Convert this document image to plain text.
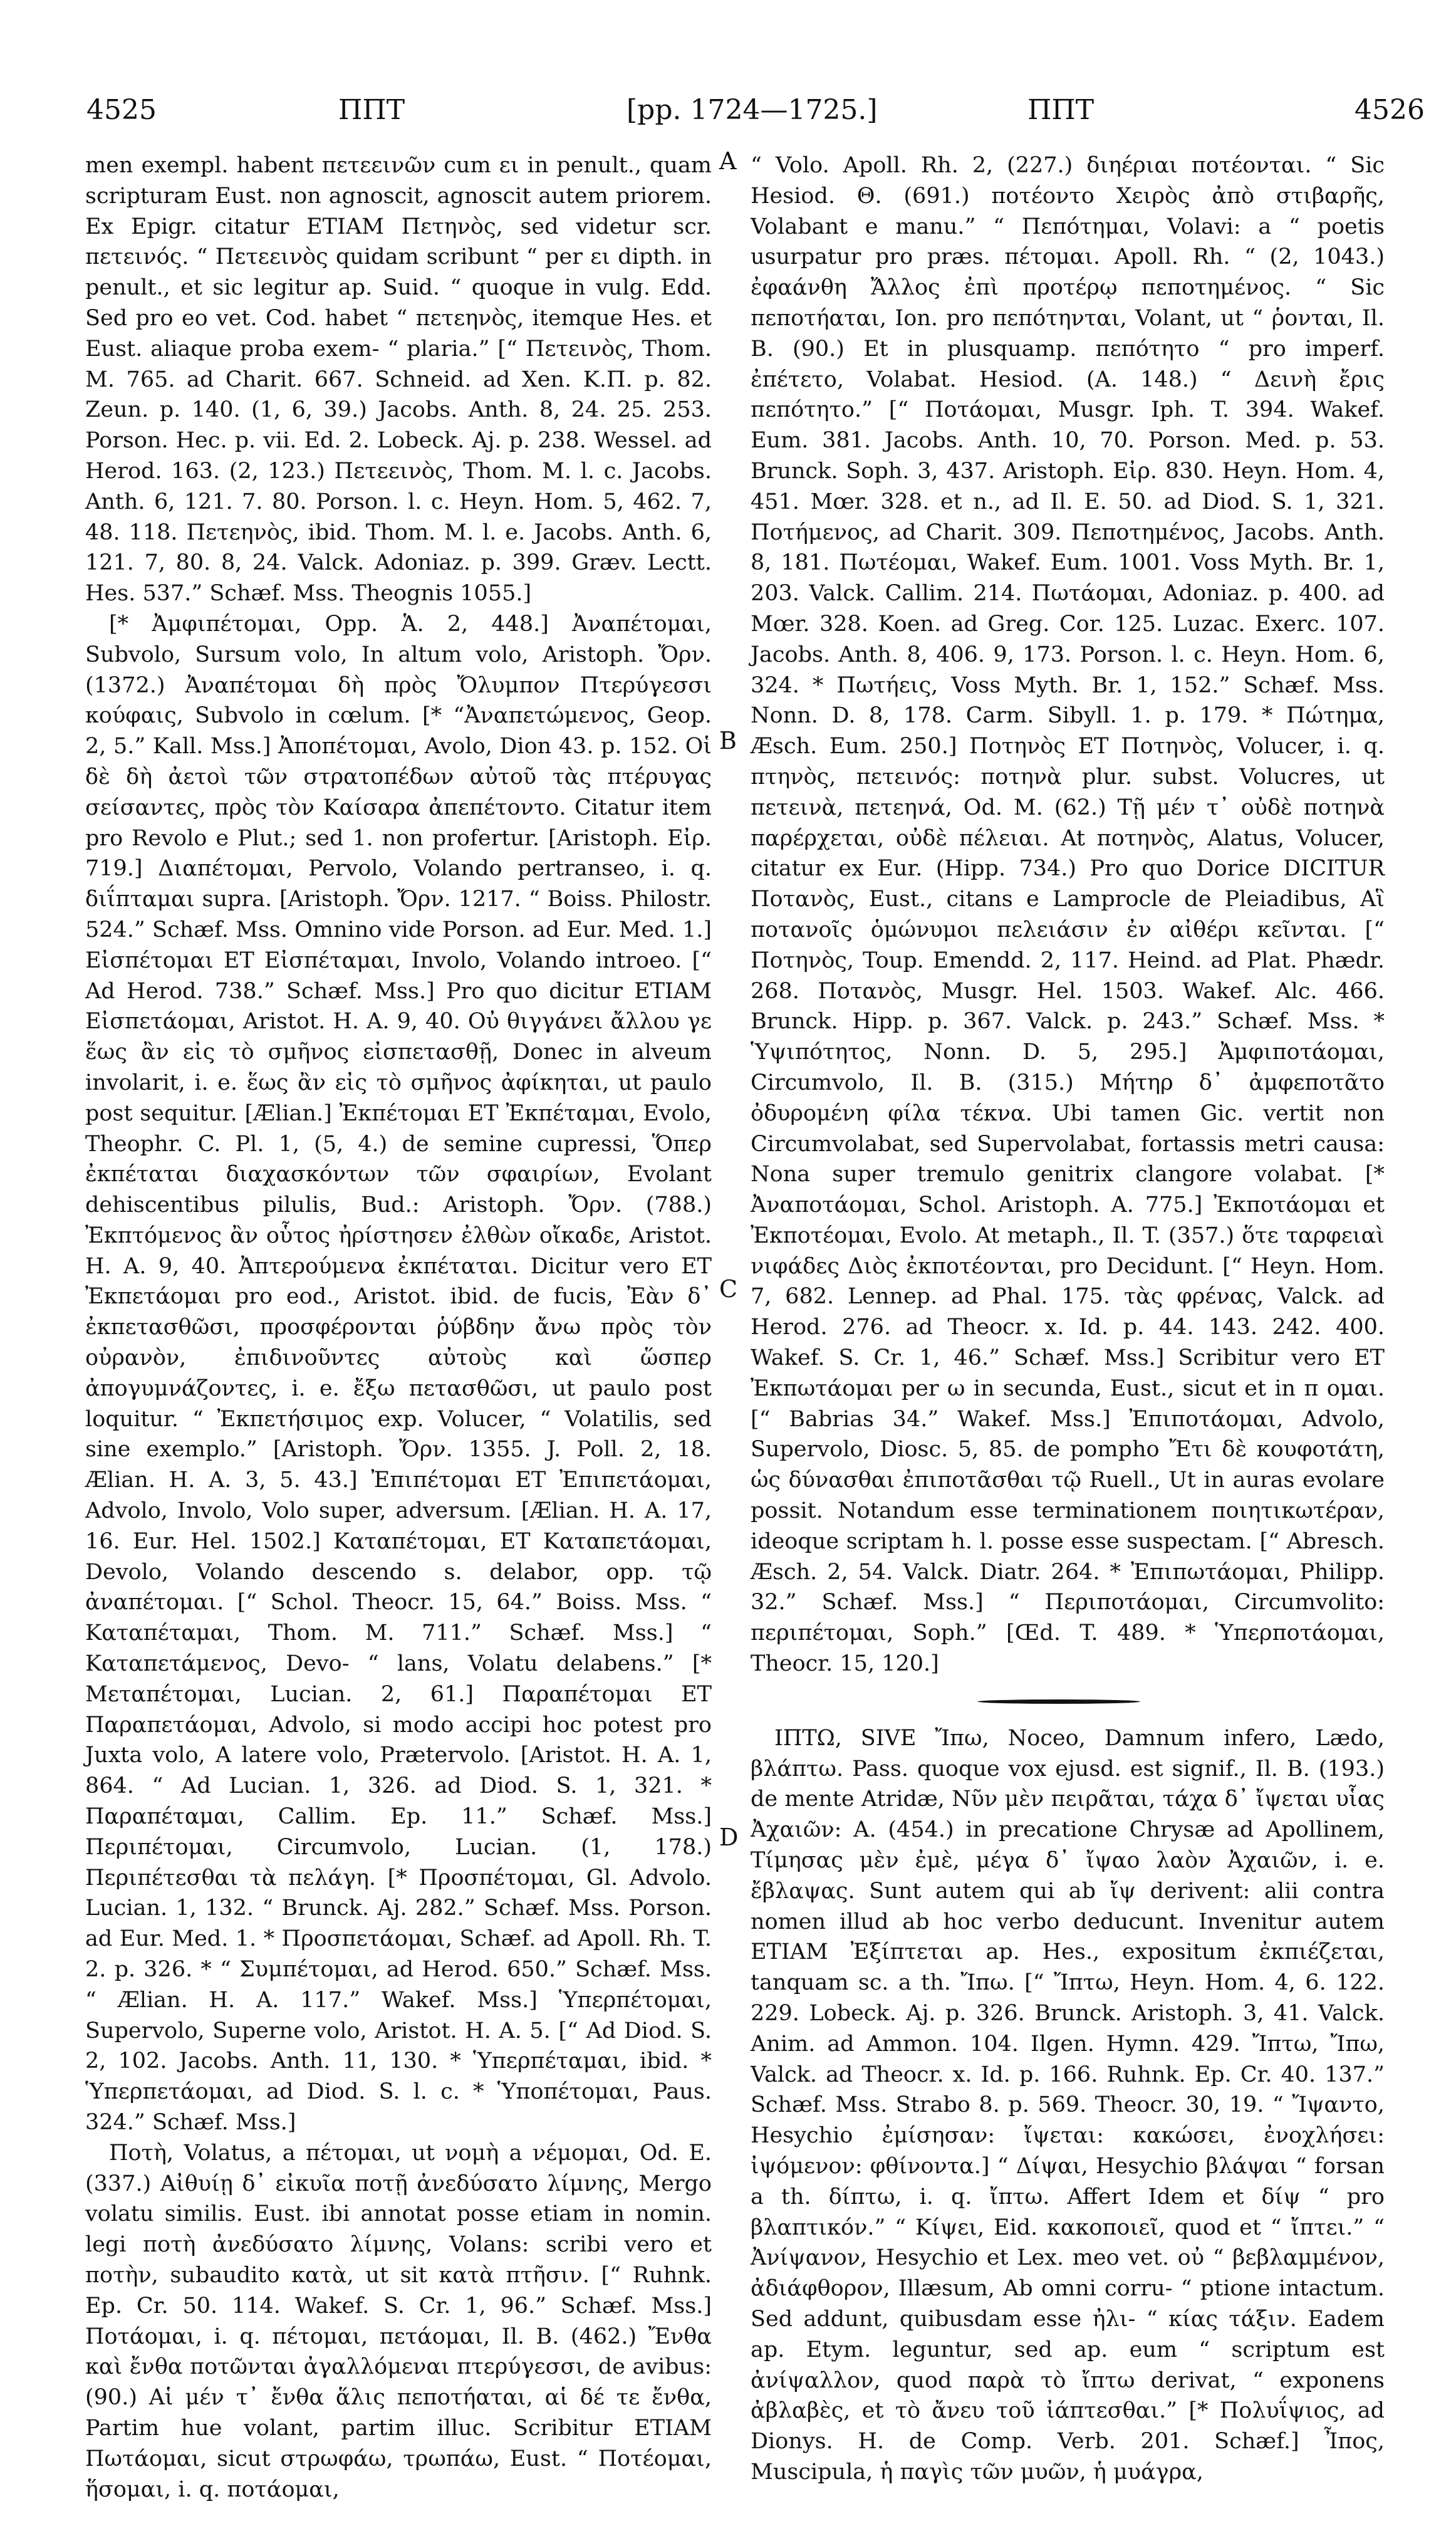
4525	ΠΠΤ	[pp. 1724—1725.]	ΠΠΤ	4526
A
B
C
D

men exempl. habent πετεεινῶν cum ει in penult., quam scripturam Eust. non agnoscit, agnoscit autem priorem. Ex Epigr. citatur ETIAM Πετηνὸς, sed videtur scr. πετεινός. “ Πετεεινὸς quidam scribunt “ per ει dipth. in penult., et sic legitur ap. Suid. “ quoque in vulg. Edd. Sed pro eo vet. Cod. habet “ πετεηνὸς, itemque Hes. et Eust. aliaque proba exem- “ plaria.” [“ Πετεινὸς, Thom. M. 765. ad Charit. 667. Schneid. ad Xen. K.Π. p. 82. Zeun. p. 140. (1, 6, 39.) Jacobs. Anth. 8, 24. 25. 253. Porson. Hec. p. vii. Ed. 2. Lobeck. Aj. p. 238. Wessel. ad Herod. 163. (2, 123.) Πετεεινὸς, Thom. M. l. c. Jacobs. Anth. 6, 121. 7. 80. Porson. l. c. Heyn. Hom. 5, 462. 7, 48. 118. Πετεηνὸς, ibid. Thom. M. l. e. Jacobs. Anth. 6, 121. 7, 80. 8, 24. Valck. Adoniaz. p. 399. Græv. Lectt. Hes. 537.” Schæf. Mss. Theognis 1055.]

[* Ἀμφιπέτομαι, Opp. Ἁ. 2, 448.] Ἀναπέτομαι, Subvolo, Sursum volo, In altum volo, Aristoph. Ὄρν. (1372.) Ἀναπέτομαι δὴ πρὸς Ὄλυμπον Πτερύγεσσι κούφαις, Subvolo in cœlum. [* “Ἀναπετώμενος, Geop. 2, 5.” Kall. Mss.] Ἀποπέτομαι, Avolo, Dion 43. p. 152. Οἱ δὲ δὴ ἀετοὶ τῶν στρατοπέδων αὐτοῦ τὰς πτέρυγας σείσαντες, πρὸς τὸν Καίσαρα ἀπεπέτοντο. Citatur item pro Revolo e Plut.; sed 1. non profertur. [Aristoph. Εἰρ. 719.] Διαπέτομαι, Pervolo, Volando pertranseo, i. q. διΐπταμαι supra. [Aristoph. Ὄρν. 1217. “ Boiss. Philostr. 524.” Schæf. Mss. Omnino vide Porson. ad Eur. Med. 1.] Εἰσπέτομαι ET Εἰσπέταμαι, Involo, Volando introeo. [“ Ad Herod. 738.” Schæf. Mss.] Pro quo dicitur ETIAM Εἰσπετάομαι, Aristot. H. A. 9, 40. Οὐ θιγγάνει ἄλλου γε ἕως ἂν εἰς τὸ σμῆνος εἰσπετασθῇ, Donec in alveum involarit, i. e. ἕως ἂν εἰς τὸ σμῆνος ἀφίκηται, ut paulo post sequitur. [Ælian.] Ἐκπέτομαι ET Ἐκπέταμαι, Evolo, Theophr. C. Pl. 1, (5, 4.) de semine cupressi, Ὅπερ ἐκπέταται διαχασκόντων τῶν σφαιρίων, Evolant dehiscentibus pilulis, Bud.: Aristoph. Ὄρν. (788.) Ἐκπτόμενος ἂν οὗτος ἠρίστησεν ἐλθὼν οἴκαδε, Aristot. H. A. 9, 40. Ἀπτερούμενα ἐκπέταται. Dicitur vero ET Ἐκπετάομαι pro eod., Aristot. ibid. de fucis, Ἐὰν δ᾽ ἐκπετασθῶσι, προσφέρονται ῥύβδην ἄνω πρὸς τὸν οὐρανὸν, ἐπιδινοῦντες αὐτοὺς καὶ ὥσπερ ἀπογυμνάζοντες, i. e. ἔξω πετασθῶσι, ut paulo post loquitur. “ Ἐκπετήσιμος exp. Volucer, “ Volatilis, sed sine exemplo.” [Aristoph. Ὄρν. 1355. J. Poll. 2, 18. Ælian. H. A. 3, 5. 43.] Ἐπιπέτομαι ET Ἐπιπετάομαι, Advolo, Involo, Volo super, adversum. [Ælian. H. A. 17, 16. Eur. Hel. 1502.] Καταπέτομαι, ET Καταπετάομαι, Devolo, Volando descendo s. delabor, opp. τῷ ἀναπέτομαι. [“ Schol. Theocr. 15, 64.” Boiss. Mss. “ Καταπέταμαι, Thom. M. 711.” Schæf. Mss.] “ Καταπετάμενος, Devo- “ lans, Volatu delabens.” [* Μεταπέτομαι, Lucian. 2, 61.] Παραπέτομαι ET Παραπετάομαι, Advolo, si modo accipi hoc potest pro Juxta volo, A latere volo, Prætervolo. [Aristot. H. A. 1, 864. “ Ad Lucian. 1, 326. ad Diod. S. 1, 321. * Παραπέταμαι, Callim. Ep. 11.” Schæf. Mss.] Περιπέτομαι, Circumvolo, Lucian. (1, 178.) Περιπέτεσθαι τὰ πελάγη. [* Προσπέτομαι, Gl. Advolo. Lucian. 1, 132. “ Brunck. Aj. 282.” Schæf. Mss. Porson. ad Eur. Med. 1. * Προσπετάομαι, Schæf. ad Apoll. Rh. T. 2. p. 326. * “ Συμπέτομαι, ad Herod. 650.” Schæf. Mss. “ Ælian. H. A. 117.” Wakef. Mss.] Ὑπερπέτομαι, Supervolo, Superne volo, Aristot. H. A. 5. [“ Ad Diod. S. 2, 102. Jacobs. Anth. 11, 130. * Ὑπερπέταμαι, ibid. * Ὑπερπετάομαι, ad Diod. S. l. c. * Ὑποπέτομαι, Paus. 324.” Schæf. Mss.]

Ποτὴ, Volatus, a πέτομαι, ut νομὴ a νέμομαι, Od. E. (337.) Αἰθυίῃ δ᾽ εἰκυῖα ποτῇ ἀνεδύσατο λίμνης, Mergo volatu similis. Eust. ibi annotat posse etiam in nomin. legi ποτὴ ἀνεδύσατο λίμνης, Volans: scribi vero et ποτὴν, subaudito κατὰ, ut sit κατὰ πτῆσιν. [“ Ruhnk. Ep. Cr. 50. 114. Wakef. S. Cr. 1, 96.” Schæf. Mss.] Ποτάομαι, i. q. πέτομαι, πετάομαι, Il. B. (462.) Ἔνθα καὶ ἔνθα ποτῶνται ἀγαλλόμεναι πτερύγεσσι, de avibus: (90.) Αἱ μέν τ᾽ ἔνθα ἅλις πεποτήαται, αἱ δέ τε ἔνθα, Partim hue volant, partim illuc. Scribitur ETIAM Πωτάομαι, sicut στρωφάω, τρωπάω, Eust. “ Ποτέομαι, ἥσομαι, i. q. ποτάομαι,

“ Volo. Apoll. Rh. 2, (227.) διηέριαι ποτέονται. “ Sic Hesiod. Θ. (691.) ποτέοντο Χειρὸς ἀπὸ στιβαρῆς, Volabant e manu.” “ Πεπότημαι, Volavi: a “ poetis usurpatur pro præs. πέτομαι. Apoll. Rh. “ (2, 1043.) ἐφαάνθη Ἄλλος ἐπὶ προτέρῳ πεποτημένος. “ Sic πεποτήαται, Ion. pro πεπότηνται, Volant, ut “ ῥονται, Il. B. (90.) Et in plusquamp. πεπότητο “ pro imperf. ἐπέτετο, Volabat. Hesiod. (A. 148.) “ Δεινὴ ἔρις πεπότητο.” [“ Ποτάομαι, Musgr. Iph. T. 394. Wakef. Eum. 381. Jacobs. Anth. 10, 70. Porson. Med. p. 53. Brunck. Soph. 3, 437. Aristoph. Εἰρ. 830. Heyn. Hom. 4, 451. Mœr. 328. et n., ad Il. E. 50. ad Diod. S. 1, 321. Ποτήμενος, ad Charit. 309. Πεποτημένος, Jacobs. Anth. 8, 181. Πωτέομαι, Wakef. Eum. 1001. Voss Myth. Br. 1, 203. Valck. Callim. 214. Πωτάομαι, Adoniaz. p. 400. ad Mœr. 328. Koen. ad Greg. Cor. 125. Luzac. Exerc. 107. Jacobs. Anth. 8, 406. 9, 173. Porson. l. c. Heyn. Hom. 6, 324. * Πωτήεις, Voss Myth. Br. 1, 152.” Schæf. Mss. Nonn. D. 8, 178. Carm. Sibyll. 1. p. 179. * Πώτημα, Æsch. Eum. 250.] Ποτηνὸς ET Ποτηνὸς, Volucer, i. q. πτηνὸς, πετεινός: ποτηνὰ plur. subst. Volucres, ut πετεινὰ, πετεηνά, Od. M. (62.) Τῇ μέν τ᾽ οὐδὲ ποτηνὰ παρέρχεται, οὐδὲ πέλειαι. At ποτηνὸς, Alatus, Volucer, citatur ex Eur. (Hipp. 734.) Pro quo Dorice DICITUR Ποτανὸς, Eust., citans e Lamprocle de Pleiadibus, Αἳ ποτανοῖς ὁμώνυμοι πελειάσιν ἐν αἰθέρι κεῖνται. [“ Ποτηνὸς, Toup. Emendd. 2, 117. Heind. ad Plat. Phædr. 268. Ποτανὸς, Musgr. Hel. 1503. Wakef. Alc. 466. Brunck. Hipp. p. 367. Valck. p. 243.” Schæf. Mss. * Ὑψιπότητος, Nonn. D. 5, 295.] Ἀμφιποτάομαι, Circumvolo, Il. B. (315.) Μήτηρ δ᾽ ἀμφεποτᾶτο ὀδυρομένη φίλα τέκνα. Ubi tamen Gic. vertit non Circumvolabat, sed Supervolabat, fortassis metri causa: Nona super tremulo genitrix clangore volabat. [* Ἀναποτάομαι, Schol. Aristoph. A. 775.] Ἐκποτάομαι et Ἐκποτέομαι, Evolo. At metaph., Il. T. (357.) ὅτε ταρφειαὶ νιφάδες Διὸς ἐκποτέονται, pro Decidunt. [“ Heyn. Hom. 7, 682. Lennep. ad Phal. 175. τὰς φρένας, Valck. ad Herod. 276. ad Theocr. x. Id. p. 44. 143. 242. 400. Wakef. S. Cr. 1, 46.” Schæf. Mss.] Scribitur vero ET Ἐκπωτάομαι per ω in secunda, Eust., sicut et in π ομαι. [“ Babrias 34.” Wakef. Mss.] Ἐπιποτάομαι, Advolo, Supervolo, Diosc. 5, 85. de pompho Ἔτι δὲ κουφοτάτη, ὡς δύνασθαι ἐπιποτᾶσθαι τῷ Ruell., Ut in auras evolare possit. Notandum esse terminationem ποιητικωτέραν, ideoque scriptam h. l. posse esse suspectam. [“ Abresch. Æsch. 2, 54. Valck. Diatr. 264. * Ἐπιπωτάομαι, Philipp. 32.” Schæf. Mss.] “ Περιποτάομαι, Circumvolito: περιπέτομαι, Soph.” [Œd. T. 489. * Ὑπερποτάομαι, Theocr. 15, 120.]

ΙΠΤΩ, SIVE Ἴπω, Noceo, Damnum infero, Lædo, βλάπτω. Pass. quoque vox ejusd. est signif., Il. B. (193.) de mente Atridæ, Νῦν μὲν πειρᾶται, τάχα δ᾽ ἴψεται υἷας Ἀχαιῶν: A. (454.) in precatione Chrysæ ad Apollinem, Τίμησας μὲν ἐμὲ, μέγα δ᾽ ἴψαο λαὸν Ἀχαιῶν, i. e. ἔβλαψας. Sunt autem qui ab ἴψ derivent: alii contra nomen illud ab hoc verbo deducunt. Invenitur autem ETIAM Ἐξίπτεται ap. Hes., expositum ἐκπιέζεται, tanquam sc. a th. Ἴπω. [“ Ἴπτω, Heyn. Hom. 4, 6. 122. 229. Lobeck. Aj. p. 326. Brunck. Aristoph. 3, 41. Valck. Anim. ad Ammon. 104. Ilgen. Hymn. 429. Ἴπτω, Ἴπω, Valck. ad Theocr. x. Id. p. 166. Ruhnk. Ep. Cr. 40. 137.” Schæf. Mss. Strabo 8. p. 569. Theocr. 30, 19. “ Ἴψαντο, Hesychio ἐμίσησαν: ἴψεται: κακώσει, ἐνοχλήσει: ἰψόμενον: φθίνοντα.] “ Δίψαι, Hesychio βλάψαι “ forsan a th. δίπτω, i. q. ἴπτω. Affert Idem et δίψ “ pro βλαπτικόν.” “ Κίψει, Eid. κακοποιεῖ, quod et “ ἴπτει.” “ Ἀνίψανον, Hesychio et Lex. meo vet. οὐ “ βεβλαμμένον, ἀδιάφθορον, Illæsum, Ab omni corru- “ ptione intactum. Sed addunt, quibusdam esse ἠλι- “ κίας τάξιν. Eadem ap. Etym. leguntur, sed ap. eum “ scriptum est ἀνίψαλλον, quod παρὰ τὸ ἴπτω derivat, “ exponens ἀβλαβὲς, et τὸ ἄνευ τοῦ ἰάπτεσθαι.” [* Πολυΐψιος, ad Dionys. H. de Comp. Verb. 201. Schæf.] Ἶπος, Muscipula, ἡ παγὶς τῶν μυῶν, ἡ μυάγρα,
